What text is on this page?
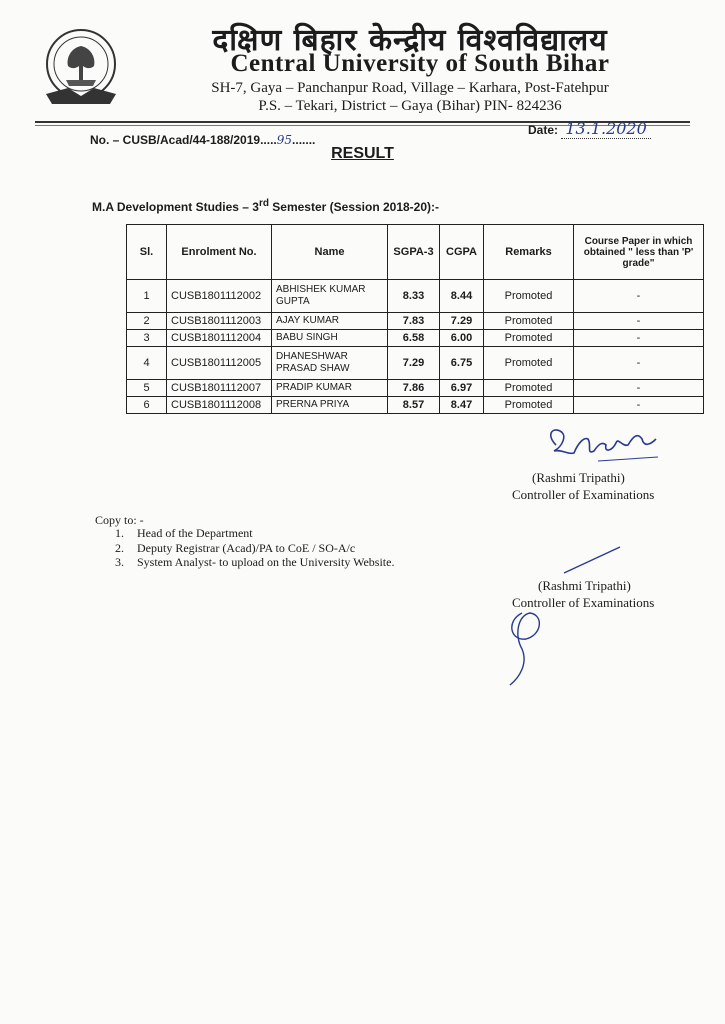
दक्षिण बिहार केन्द्रीय विश्वविद्यालय
Central University of South Bihar
SH-7, Gaya – Panchanpur Road, Village – Karhara, Post-Fatehpur
P.S. – Tekari, District – Gaya (Bihar) PIN- 824236
No. – CUSB/Acad/44-188/2019.....95.......
Date: 13.1.2020
RESULT
M.A Development Studies – 3rd Semester (Session 2018-20):-
Sl.	Enrolment No.	Name	SGPA-3	CGPA	Remarks	Course Paper in which obtained " less than 'P' grade"
1	CUSB1801112002	ABHISHEK KUMAR GUPTA	8.33	8.44	Promoted	-
2	CUSB1801112003	AJAY KUMAR	7.83	7.29	Promoted	-
3	CUSB1801112004	BABU SINGH	6.58	6.00	Promoted	-
4	CUSB1801112005	DHANESHWAR PRASAD SHAW	7.29	6.75	Promoted	-
5	CUSB1801112007	PRADIP KUMAR	7.86	6.97	Promoted	-
6	CUSB1801112008	PRERNA PRIYA	8.57	8.47	Promoted	-
(Rashmi Tripathi)
Controller of Examinations
Copy to: -
1. Head of the Department
2. Deputy Registrar (Acad)/PA to CoE / SO-A/c
3. System Analyst- to upload on the University Website.
(Rashmi Tripathi)
Controller of Examinations
